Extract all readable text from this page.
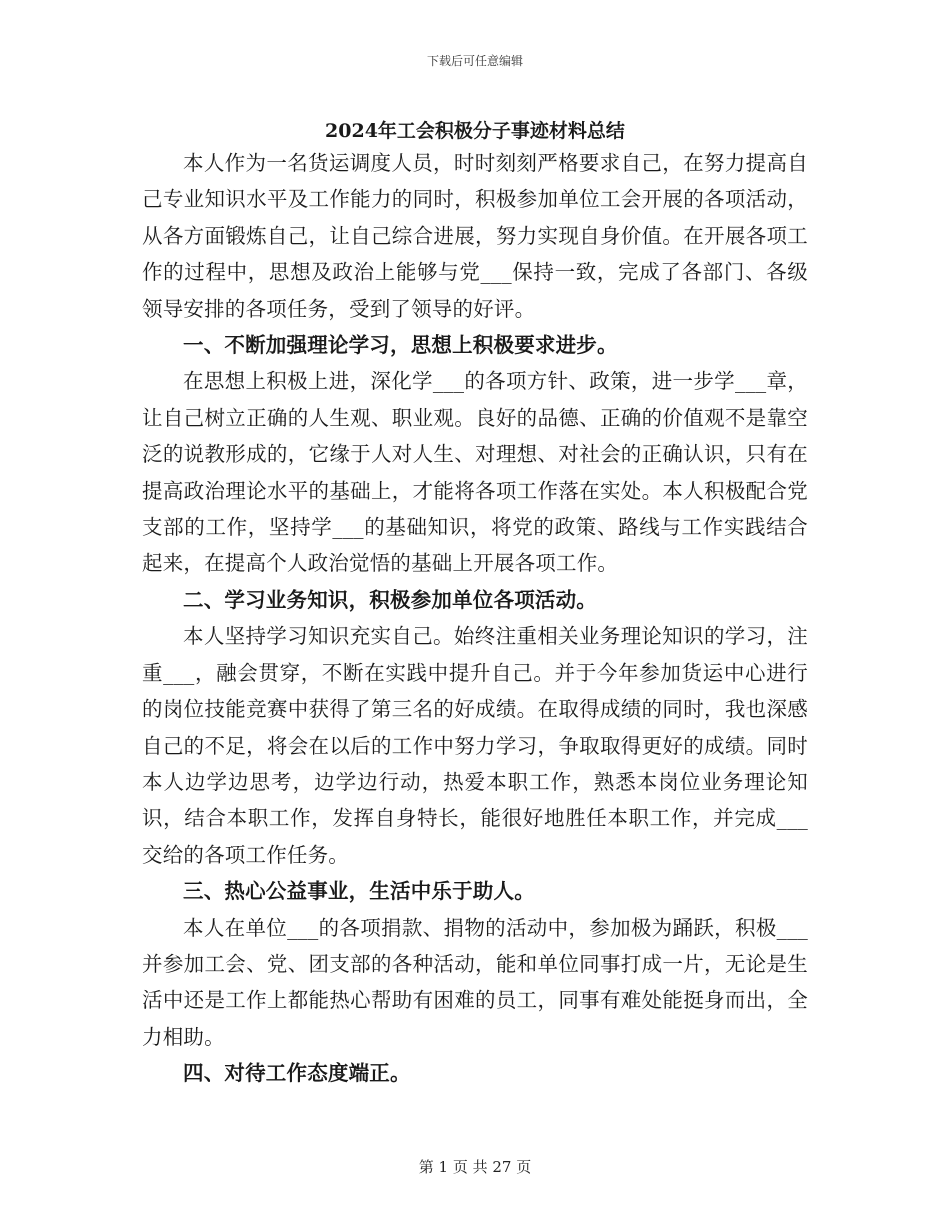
下载后可任意编辑
2024年工会积极分子事迹材料总结

本人作为一名货运调度人员，时时刻刻严格要求自己，在努力提高自己专业知识水平及工作能力的同时，积极参加单位工会开展的各项活动，从各方面锻炼自己，让自己综合进展，努力实现自身价值。在开展各项工作的过程中，思想及政治上能够与党___保持一致，完成了各部门、各级领导安排的各项任务，受到了领导的好评。

一、不断加强理论学习，思想上积极要求进步。

在思想上积极上进，深化学___的各项方针、政策，进一步学___章，让自己树立正确的人生观、职业观。良好的品德、正确的价值观不是靠空泛的说教形成的，它缘于人对人生、对理想、对社会的正确认识，只有在提高政治理论水平的基础上，才能将各项工作落在实处。本人积极配合党支部的工作，坚持学___的基础知识，将党的政策、路线与工作实践结合起来，在提高个人政治觉悟的基础上开展各项工作。

二、学习业务知识，积极参加单位各项活动。

本人坚持学习知识充实自己。始终注重相关业务理论知识的学习，注重___，融会贯穿，不断在实践中提升自己。并于今年参加货运中心进行的岗位技能竞赛中获得了第三名的好成绩。在取得成绩的同时，我也深感自己的不足，将会在以后的工作中努力学习，争取取得更好的成绩。同时本人边学边思考，边学边行动，热爱本职工作，熟悉本岗位业务理论知识，结合本职工作，发挥自身特长，能很好地胜任本职工作，并完成___交给的各项工作任务。

三、热心公益事业，生活中乐于助人。

本人在单位___的各项捐款、捐物的活动中，参加极为踊跃，积极___并参加工会、党、团支部的各种活动，能和单位同事打成一片，无论是生活中还是工作上都能热心帮助有困难的员工，同事有难处能挺身而出，全力相助。

四、对待工作态度端正。

第 1 页 共 27 页
